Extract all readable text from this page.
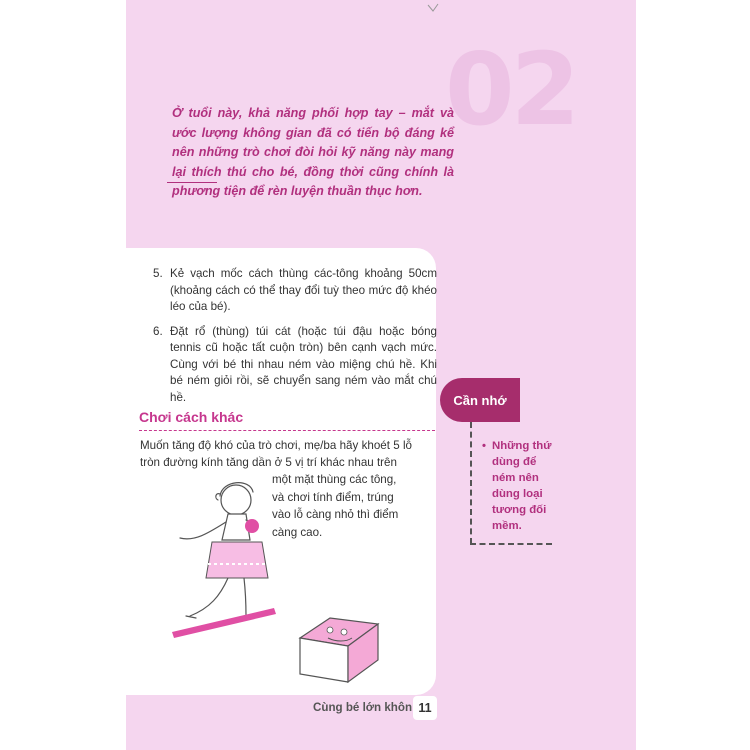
02
Ở tuổi này, khả năng phối hợp tay – mắt và ước lượng không gian đã có tiến bộ đáng kể nên những trò chơi đòi hỏi kỹ năng này mang lại thích thú cho bé, đồng thời cũng chính là phương tiện để rèn luyện thuần thục hơn.
5. Kẻ vạch mốc cách thùng các-tông khoảng 50cm (khoảng cách có thể thay đổi tuỳ theo mức độ khéo léo của bé).
6. Đặt rổ (thùng) túi cát (hoặc túi đậu hoặc bóng tennis cũ hoặc tất cuộn tròn) bên cạnh vạch mức. Cùng với bé thi nhau ném vào miệng chú hề. Khi bé ném giỏi rồi, sẽ chuyển sang ném vào mắt chú hề.
Chơi cách khác

Muốn tăng độ khó của trò chơi, mẹ/ba hãy khoét 5 lỗ tròn đường kính tăng dần ở 5 vị trí khác nhau trên

một mặt thùng các tông, và chơi tính điểm, trúng vào lỗ càng nhỏ thì điểm càng cao.

Cần nhớ
• Những thứ dùng để ném nên dùng loại tương đối mềm.
Cùng bé lớn khôn 11
